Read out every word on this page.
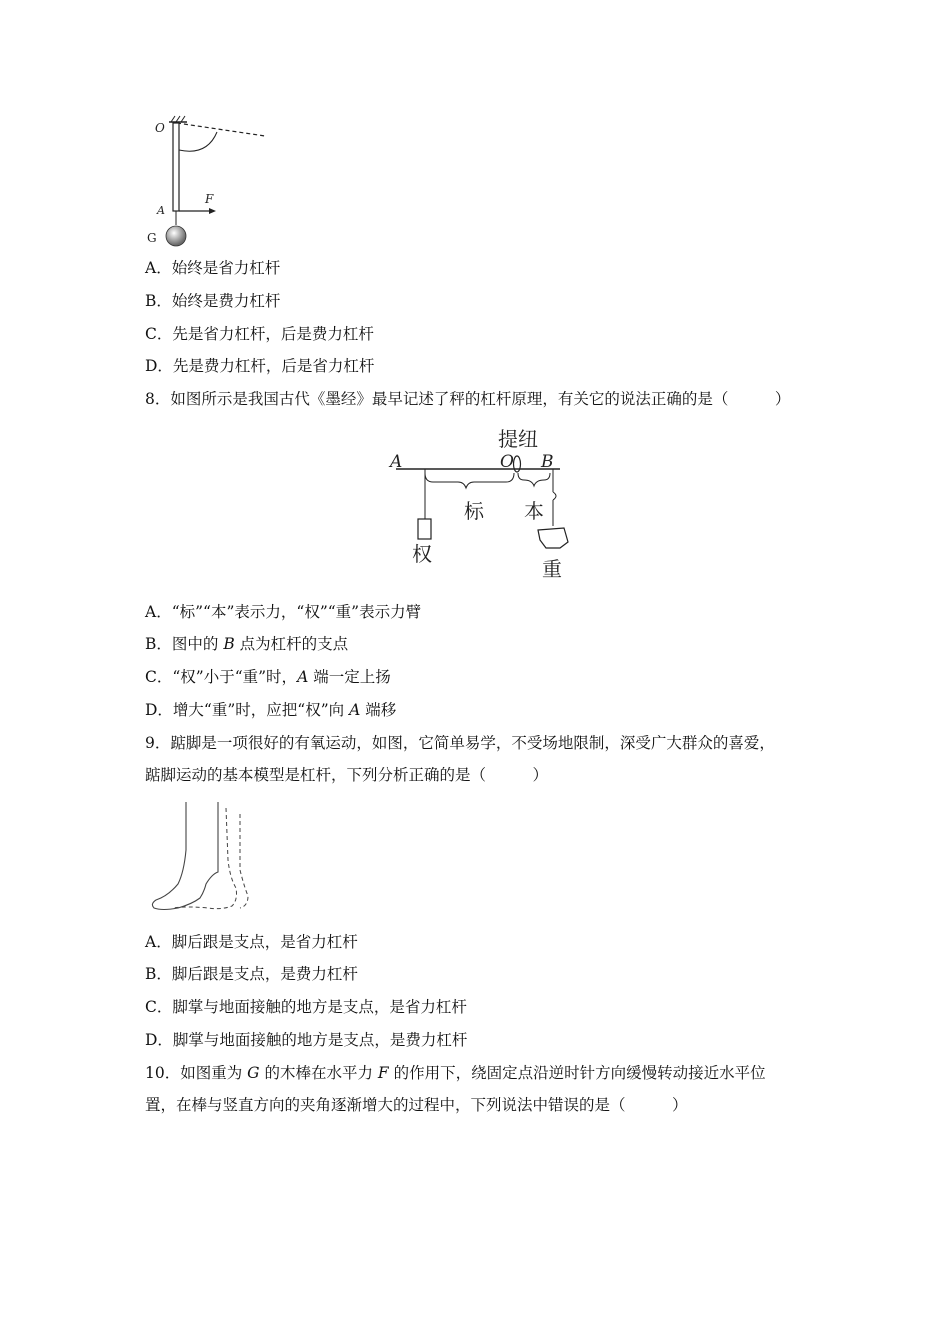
O
A
F
G
A．始终是省力杠杆
B．始终是费力杠杆
C．先是省力杠杆，后是费力杠杆
D．先是费力杠杆，后是省力杠杆
8．如图所示是我国古代《墨经》最早记述了秤的杠杆原理，有关它的说法正确的是（　　　）
A	O B
提纽
标 本
权
重
A．“标”“本”表示力，“权”“重”表示力臂
B．图中的 B 点为杠杆的支点
C．“权”小于“重”时，A 端一定上扬
D．增大“重”时，应把“权”向 A 端移
9．踮脚是一项很好的有氧运动，如图，它简单易学，不受场地限制，深受广大群众的喜爱，
踮脚运动的基本模型是杠杆，下列分析正确的是（　　　）
A．脚后跟是支点，是省力杠杆
B．脚后跟是支点，是费力杠杆
C．脚掌与地面接触的地方是支点，是省力杠杆
D．脚掌与地面接触的地方是支点，是费力杠杆
10．如图重为 G 的木棒在水平力 F 的作用下，绕固定点沿逆时针方向缓慢转动接近水平位
置，在棒与竖直方向的夹角逐渐增大的过程中，下列说法中错误的是（　　　）
